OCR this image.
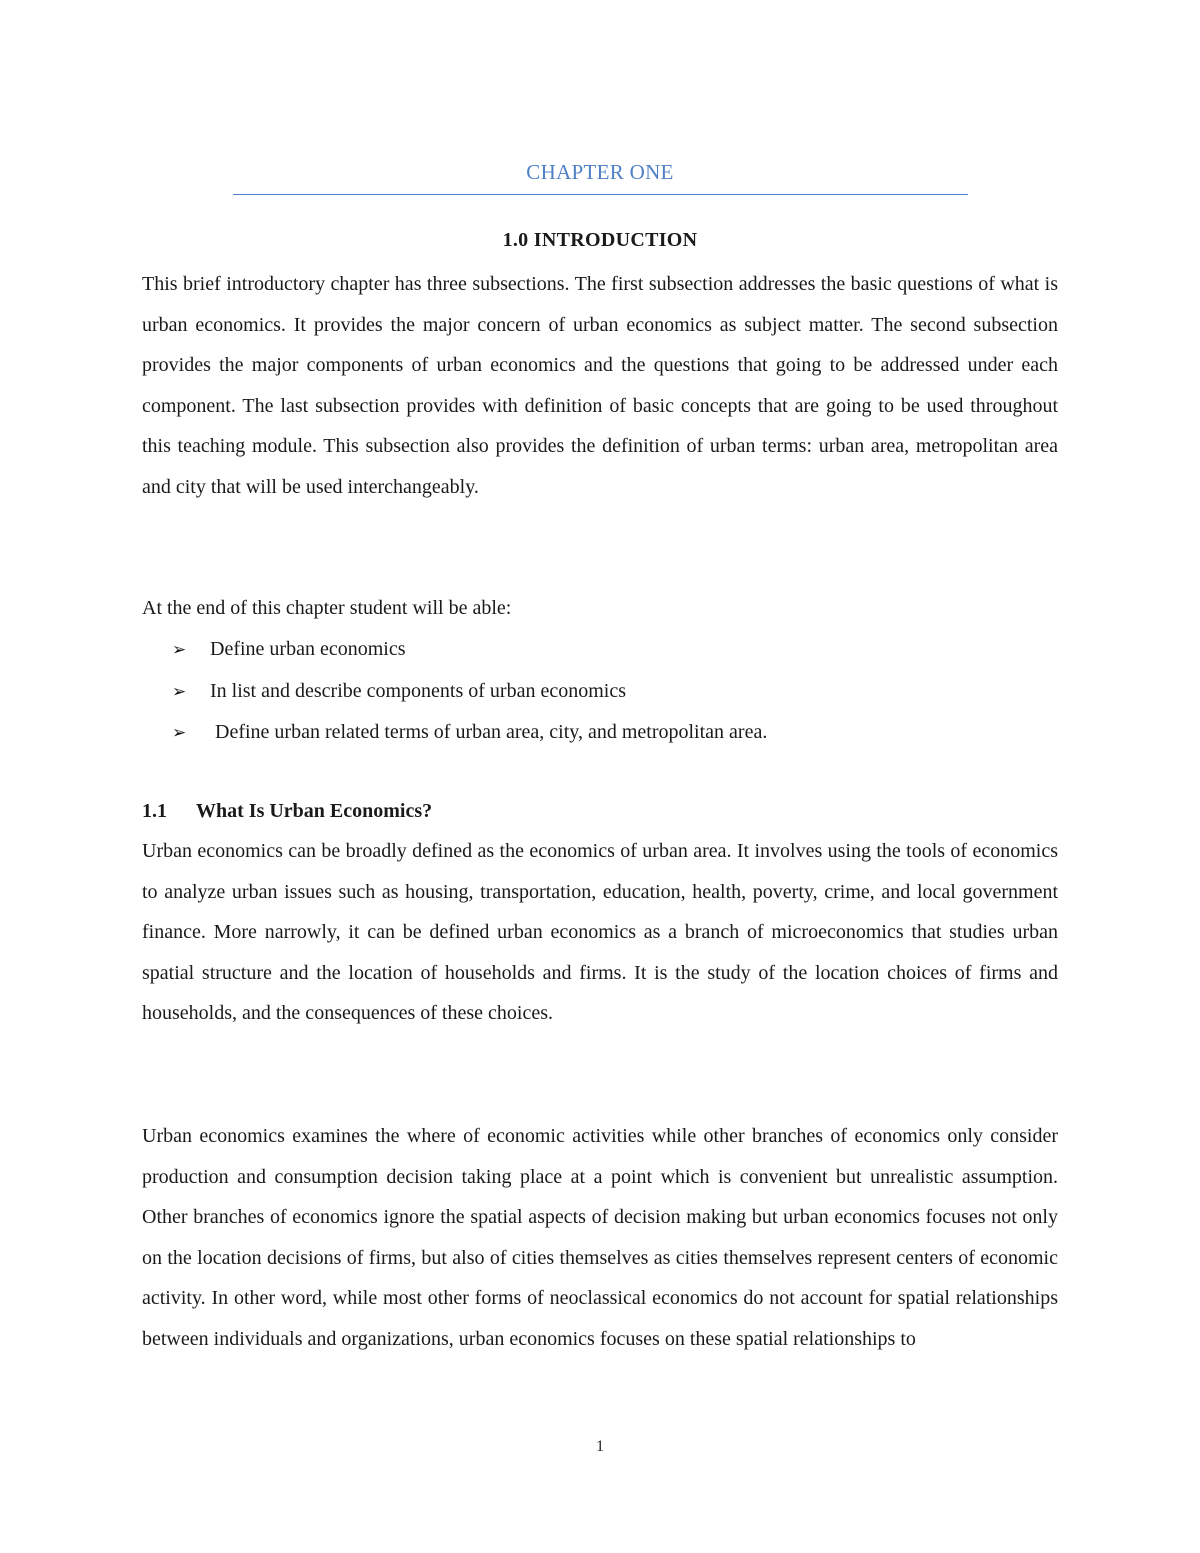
CHAPTER ONE
1.0 INTRODUCTION

This brief introductory chapter has three subsections. The first subsection addresses the basic questions of what is urban economics. It provides the major concern of urban economics as subject matter. The second subsection provides the major components of urban economics and the questions that going to be addressed under each component. The last subsection provides with definition of basic concepts that are going to be used throughout this teaching module. This subsection also provides the definition of urban terms: urban area, metropolitan area and city that will be used interchangeably.

At the end of this chapter student will be able:

➢	Define urban economics
➢	In list and describe components of urban economics
➢	Define urban related terms of urban area, city, and metropolitan area.
1.1 What Is Urban Economics?

Urban economics can be broadly defined as the economics of urban area. It involves using the tools of economics to analyze urban issues such as housing, transportation, education, health, poverty, crime, and local government finance. More narrowly, it can be defined urban economics as a branch of microeconomics that studies urban spatial structure and the location of households and firms. It is the study of the location choices of firms and households, and the consequences of these choices.

Urban economics examines the where of economic activities while other branches of economics only consider production and consumption decision taking place at a point which is convenient but unrealistic assumption. Other branches of economics ignore the spatial aspects of decision making but urban economics focuses not only on the location decisions of firms, but also of cities themselves as cities themselves represent centers of economic activity. In other word, while most other forms of neoclassical economics do not account for spatial relationships between individuals and organizations, urban economics focuses on these spatial relationships to

1
